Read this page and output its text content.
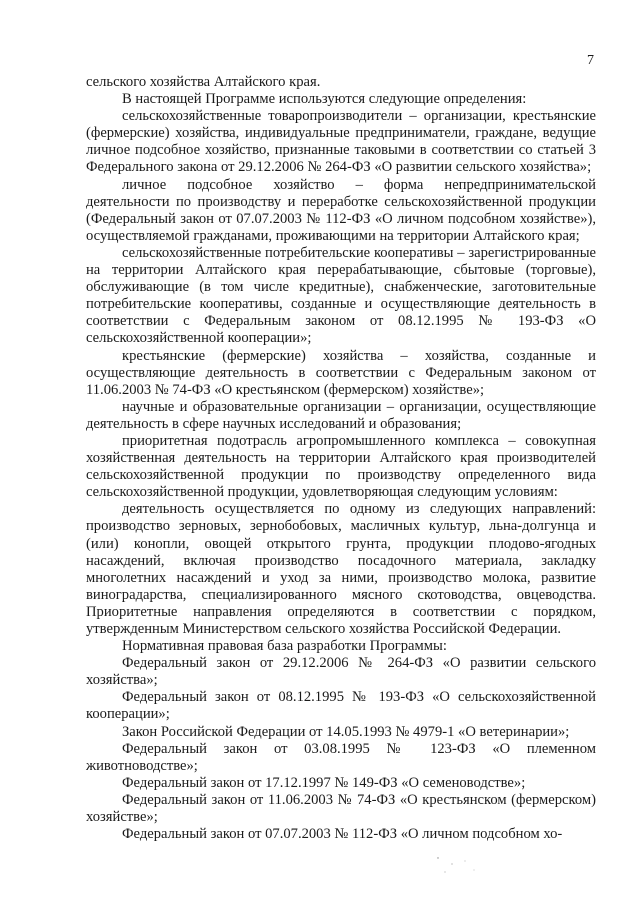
7

сельского хозяйства Алтайского края.

В настоящей Программе используются следующие определения:

сельскохозяйственные товаропроизводители – организации, крестьянские (фермерские) хозяйства, индивидуальные предприниматели, граждане, ведущие личное подсобное хозяйство, признанные таковыми в соответствии со статьей 3 Федерального закона от 29.12.2006 № 264-ФЗ «О развитии сельского хозяйства»;

личное подсобное хозяйство – форма непредпринимательской деятельности по производству и переработке сельскохозяйственной продукции (Федеральный закон от 07.07.2003 № 112-ФЗ «О личном подсобном хозяйстве»), осуществляемой гражданами, проживающими на территории Алтайского края;

сельскохозяйственные потребительские кооперативы – зарегистрированные на территории Алтайского края перерабатывающие, сбытовые (торговые), обслуживающие (в том числе кредитные), снабженческие, заготовительные потребительские кооперативы, созданные и осуществляющие деятельность в соответствии с Федеральным законом от 08.12.1995 № 193-ФЗ «О сельскохозяйственной кооперации»;

крестьянские (фермерские) хозяйства – хозяйства, созданные и осуществляющие деятельность в соответствии с Федеральным законом от 11.06.2003 № 74-ФЗ «О крестьянском (фермерском) хозяйстве»;

научные и образовательные организации – организации, осуществляющие деятельность в сфере научных исследований и образования;

приоритетная подотрасль агропромышленного комплекса – совокупная хозяйственная деятельность на территории Алтайского края производителей сельскохозяйственной продукции по производству определенного вида сельскохозяйственной продукции, удовлетворяющая следующим условиям:

деятельность осуществляется по одному из следующих направлений: производство зерновых, зернобобовых, масличных культур, льна-долгунца и (или) конопли, овощей открытого грунта, продукции плодово-ягодных насаждений, включая производство посадочного материала, закладку многолетних насаждений и уход за ними, производство молока, развитие виноградарства, специализированного мясного скотоводства, овцеводства. Приоритетные направления определяются в соответствии с порядком, утвержденным Министерством сельского хозяйства Российской Федерации.

Нормативная правовая база разработки Программы:

Федеральный закон от 29.12.2006 № 264-ФЗ «О развитии сельского хозяйства»;

Федеральный закон от 08.12.1995 № 193-ФЗ «О сельскохозяйственной кооперации»;

Закон Российской Федерации от 14.05.1993 № 4979-1 «О ветеринарии»;

Федеральный закон от 03.08.1995 № 123-ФЗ «О племенном животноводстве»;

Федеральный закон от 17.12.1997 № 149-ФЗ «О семеноводстве»;

Федеральный закон от 11.06.2003 № 74-ФЗ «О крестьянском (фермерском) хозяйстве»;

Федеральный закон от 07.07.2003 № 112-ФЗ «О личном подсобном хо-
